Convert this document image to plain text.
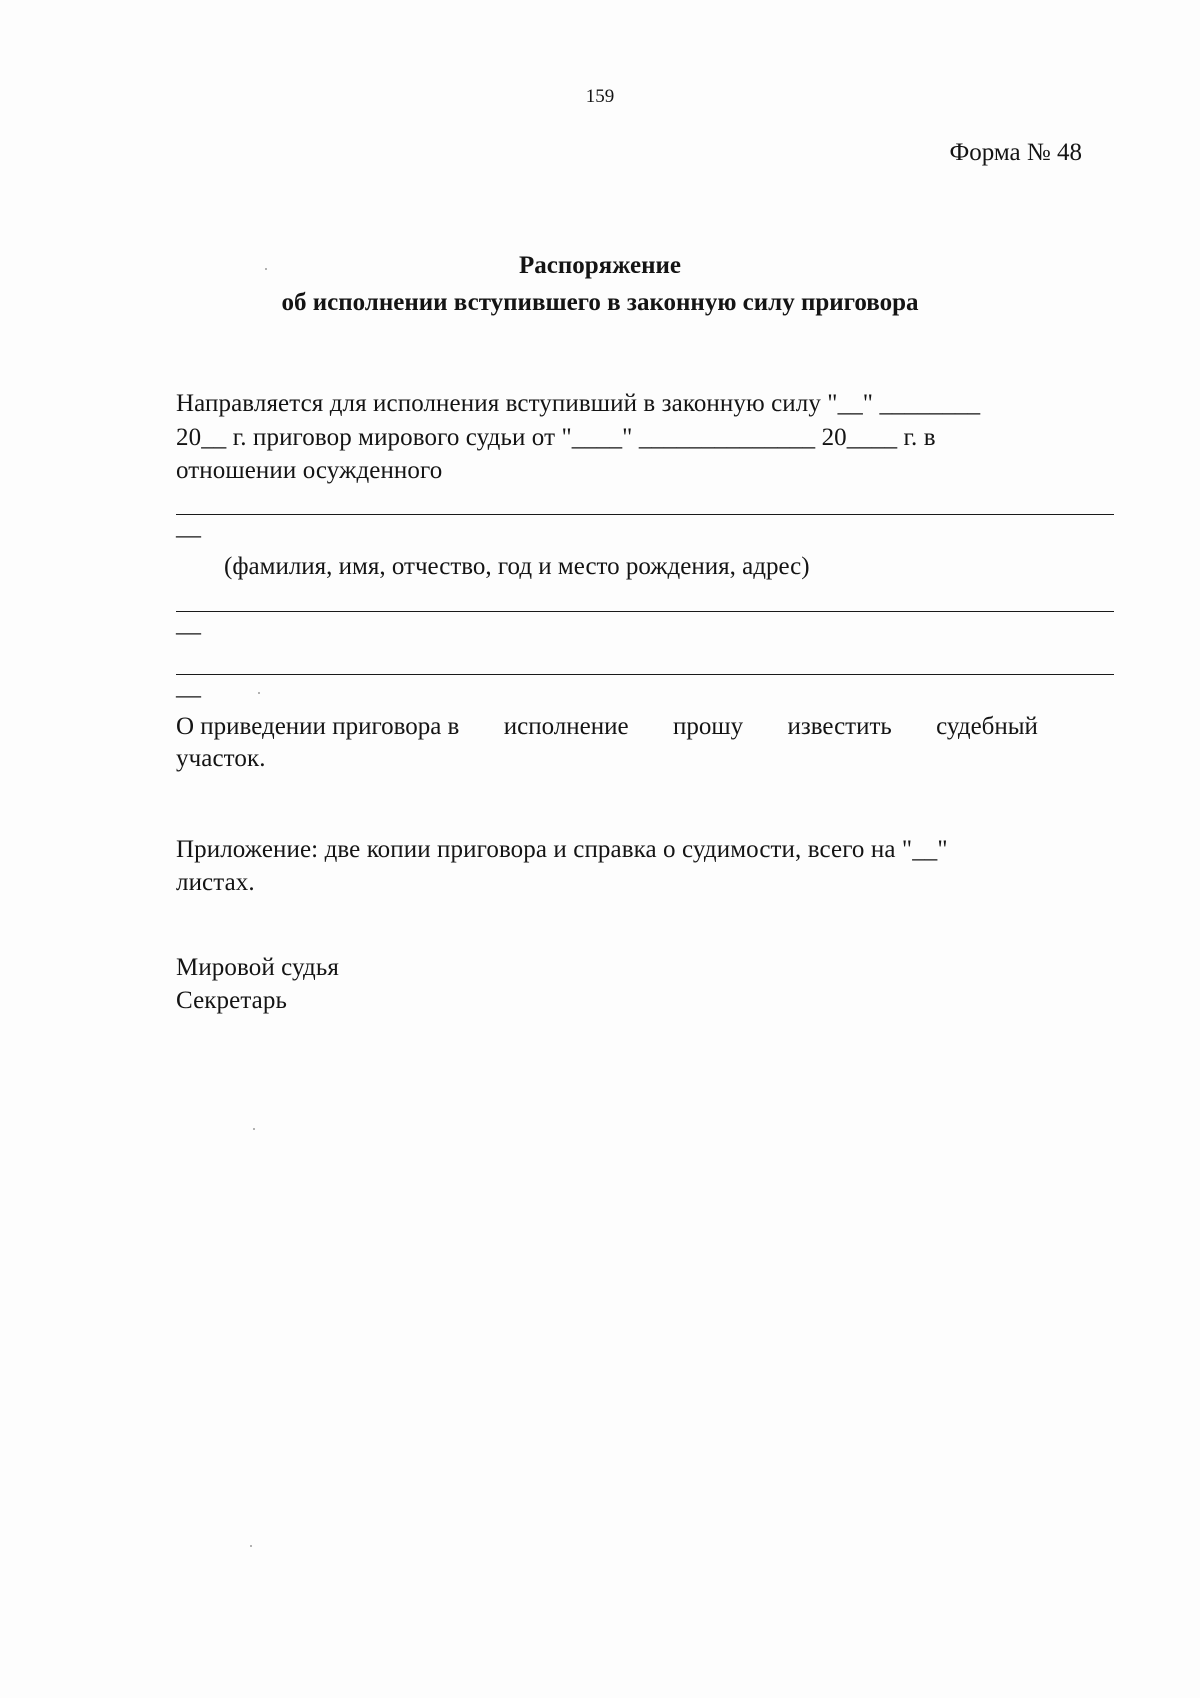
159
Форма № 48
Распоряжение
об исполнении вступившего в законную силу приговора
Направляется для исполнения вступивший в законную силу "__" ________
20__ г. приговор мирового судьи от "____" ______________ 20____ г. в
отношении осужденного
—
(фамилия, имя, отчество, год и место рождения, адрес)
—
—
О приведении приговора в исполнение прошу известить судебный
участок.
Приложение: две копии приговора и справка о судимости, всего на "__"
листах.
Мировой судья
Секретарь
